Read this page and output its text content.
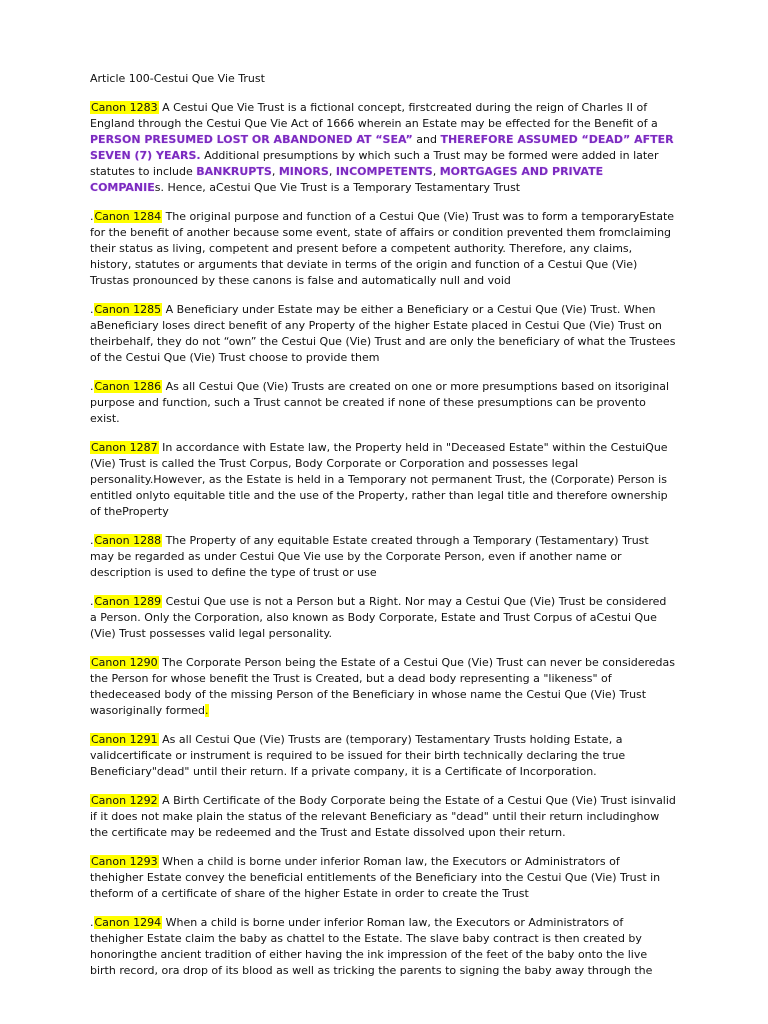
Article 100-Cestui Que Vie Trust
Canon 1283 A Cestui Que Vie Trust is a fictional concept, firstcreated during the reign of Charles II of England through the Cestui Que Vie Act of 1666 wherein an Estate may be effected for the Benefit of a PERSON PRESUMED LOST OR ABANDONED AT “SEA” and THEREFORE ASSUMED “DEAD” AFTER SEVEN (7) YEARS. Additional presumptions by which such a Trust may be formed were added in later statutes to include BANKRUPTS, MINORS, INCOMPETENTS, MORTGAGES AND PRIVATE COMPANIEs. Hence, aCestui Que Vie Trust is a Temporary Testamentary Trust
.Canon 1284 The original purpose and function of a Cestui Que (Vie) Trust was to form a temporaryEstate for the benefit of another because some event, state of affairs or condition prevented them fromclaiming their status as living, competent and present before a competent authority. Therefore, any claims, history, statutes or arguments that deviate in terms of the origin and function of a Cestui Que (Vie) Trustas pronounced by these canons is false and automatically null and void
.Canon 1285 A Beneficiary under Estate may be either a Beneficiary or a Cestui Que (Vie) Trust. When aBeneficiary loses direct benefit of any Property of the higher Estate placed in Cestui Que (Vie) Trust on theirbehalf, they do not “own” the Cestui Que (Vie) Trust and are only the beneficiary of what the Trustees of the Cestui Que (Vie) Trust choose to provide them
.Canon 1286 As all Cestui Que (Vie) Trusts are created on one or more presumptions based on itsoriginal purpose and function, such a Trust cannot be created if none of these presumptions can be provento exist.
Canon 1287 In accordance with Estate law, the Property held in "Deceased Estate" within the CestuiQue (Vie) Trust is called the Trust Corpus, Body Corporate or Corporation and possesses legal personality.However, as the Estate is held in a Temporary not permanent Trust, the (Corporate) Person is entitled onlyto equitable title and the use of the Property, rather than legal title and therefore ownership of theProperty
.Canon 1288 The Property of any equitable Estate created through a Temporary (Testamentary) Trust may be regarded as under Cestui Que Vie use by the Corporate Person, even if another name or description is used to define the type of trust or use
.Canon 1289 Cestui Que use is not a Person but a Right. Nor may a Cestui Que (Vie) Trust be considered a Person. Only the Corporation, also known as Body Corporate, Estate and Trust Corpus of aCestui Que (Vie) Trust possesses valid legal personality.
Canon 1290 The Corporate Person being the Estate of a Cestui Que (Vie) Trust can never be consideredas the Person for whose benefit the Trust is Created, but a dead body representing a "likeness" of thedeceased body of the missing Person of the Beneficiary in whose name the Cestui Que (Vie) Trust wasoriginally formed.
Canon 1291 As all Cestui Que (Vie) Trusts are (temporary) Testamentary Trusts holding Estate, a validcertificate or instrument is required to be issued for their birth technically declaring the true Beneficiary"dead" until their return. If a private company, it is a Certificate of Incorporation.
Canon 1292 A Birth Certificate of the Body Corporate being the Estate of a Cestui Que (Vie) Trust isinvalid if it does not make plain the status of the relevant Beneficiary as "dead" until their return includinghow the certificate may be redeemed and the Trust and Estate dissolved upon their return.
Canon 1293 When a child is borne under inferior Roman law, the Executors or Administrators of thehigher Estate convey the beneficial entitlements of the Beneficiary into the Cestui Que (Vie) Trust in theform of a certificate of share of the higher Estate in order to create the Trust
.Canon 1294 When a child is borne under inferior Roman law, the Executors or Administrators of thehigher Estate claim the baby as chattel to the Estate. The slave baby contract is then created by honoringthe ancient tradition of either having the ink impression of the feet of the baby onto the live birth record, ora drop of its blood as well as tricking the parents to signing the baby away through the
